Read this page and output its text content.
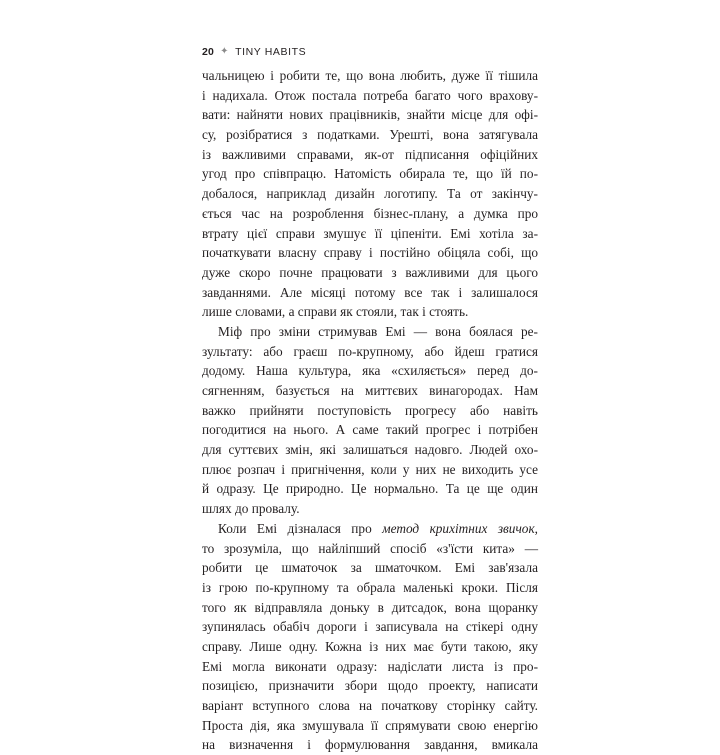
20 ✦ TINY HABITS
чальницею і робити те, що вона любить, дуже її тішила
і надихала. Отож постала потреба багато чого врахову-
вати: найняти нових працівників, знайти місце для офі-
су, розібратися з податками. Урешті, вона затягувала
із важливими справами, як-от підписання офіційних
угод про співпрацю. Натомість обирала те, що їй по-
добалося, наприклад дизайн логотипу. Та от закінчу-
ється час на розроблення бізнес-плану, а думка про
втрату цієї справи змушує її ціпеніти. Емі хотіла за-
початкувати власну справу і постійно обіцяла собі, що
дуже скоро почне працювати з важливими для цього
завданнями. Але місяці потому все так і залишалося
лише словами, а справи як стояли, так і стоять.
Міф про зміни стримував Емі — вона боялася ре-
зультату: або граєш по-крупному, або йдеш гратися
додому. Наша культура, яка «схиляється» перед до-
сягненням, базується на миттєвих винагородах. Нам
важко прийняти поступовість прогресу або навіть
погодитися на нього. А саме такий прогрес і потрібен
для суттєвих змін, які залишаться надовго. Людей охо-
плює розпач і пригнічення, коли у них не виходить усе
й одразу. Це природно. Це нормально. Та це ще один
шлях до провалу.
Коли Емі дізналася про метод крихітних звичок,
то зрозуміла, що найліпший спосіб «з'їсти кита» —
робити це шматочок за шматочком. Емі зав'язала
із грою по-крупному та обрала маленькі кроки. Після
того як відправляла доньку в дитсадок, вона щоранку
зупинялась обабіч дороги і записувала на стікері одну
справу. Лише одну. Кожна із них має бути такою, яку
Емі могла виконати одразу: надіслати листа із про-
позицією, призначити збори щодо проекту, написати
варіант вступного слова на початкову сторінку сайту.
Проста дія, яка змушувала її спрямувати свою енергію
на визначення і формулювання завдання, вмикала
